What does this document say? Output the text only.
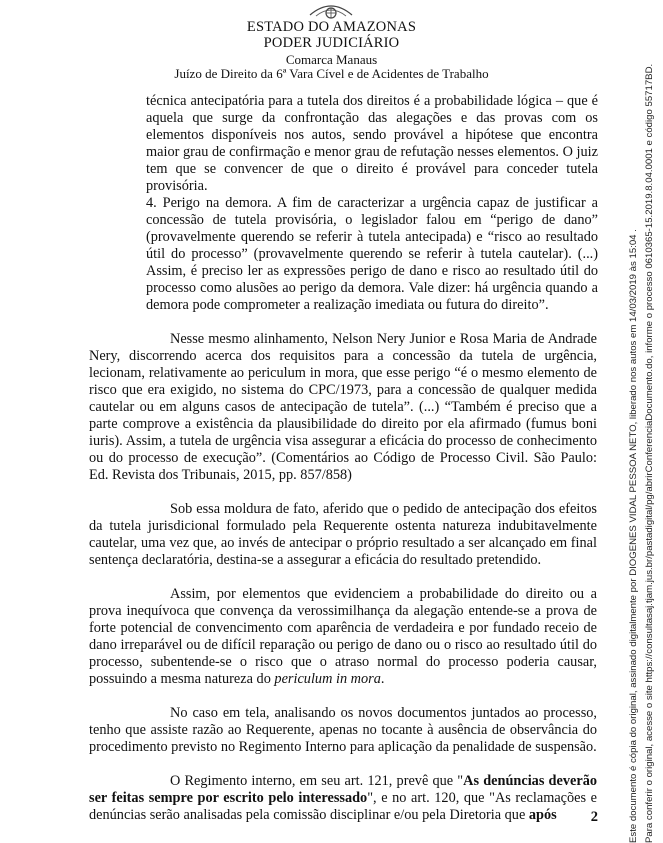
ESTADO DO AMAZONAS
PODER JUDICIÁRIO
Comarca Manaus
Juízo de Direito da 6ª Vara Cível e de Acidentes de Trabalho

técnica antecipatória para a tutela dos direitos é a probabilidade lógica – que é aquela que surge da confrontação das alegações e das provas com os elementos disponíveis nos autos, sendo provável a hipótese que encontra maior grau de confirmação e menor grau de refutação nesses elementos. O juiz tem que se convencer de que o direito é provável para conceder tutela provisória.

4. Perigo na demora. A fim de caracterizar a urgência capaz de justificar a concessão de tutela provisória, o legislador falou em “perigo de dano” (provavelmente querendo se referir à tutela antecipada) e “risco ao resultado útil do processo” (provavelmente querendo se referir à tutela cautelar). (...) Assim, é preciso ler as expressões perigo de dano e risco ao resultado útil do processo como alusões ao perigo da demora. Vale dizer: há urgência quando a demora pode comprometer a realização imediata ou futura do direito”.

Nesse mesmo alinhamento, Nelson Nery Junior e Rosa Maria de Andrade Nery, discorrendo acerca dos requisitos para a concessão da tutela de urgência, lecionam, relativamente ao periculum in mora, que esse perigo “é o mesmo elemento de risco que era exigido, no sistema do CPC/1973, para a concessão de qualquer medida cautelar ou em alguns casos de antecipação de tutela”. (...) “Também é preciso que a parte comprove a existência da plausibilidade do direito por ela afirmado (fumus boni iuris). Assim, a tutela de urgência visa assegurar a eficácia do processo de conhecimento ou do processo de execução”. (Comentários ao Código de Processo Civil. São Paulo: Ed. Revista dos Tribunais, 2015, pp. 857/858)

Sob essa moldura de fato, aferido que o pedido de antecipação dos efeitos da tutela jurisdicional formulado pela Requerente ostenta natureza indubitavelmente cautelar, uma vez que, ao invés de antecipar o próprio resultado a ser alcançado em final sentença declaratória, destina-se a assegurar a eficácia do resultado pretendido.

Assim, por elementos que evidenciem a probabilidade do direito ou a prova inequívoca que convença da verossimilhança da alegação entende-se a prova de forte potencial de convencimento com aparência de verdadeira e por fundado receio de dano irreparável ou de difícil reparação ou perigo de dano ou o risco ao resultado útil do processo, subentende-se o risco que o atraso normal do processo poderia causar, possuindo a mesma natureza do periculum in mora.

No caso em tela, analisando os novos documentos juntados ao processo, tenho que assiste razão ao Requerente, apenas no tocante à ausência de observância do procedimento previsto no Regimento Interno para aplicação da penalidade de suspensão.

O Regimento interno, em seu art. 121, prevê que "As denúncias deverão ser feitas sempre por escrito pelo interessado", e no art. 120, que "As reclamações e denúncias serão analisadas pela comissão disciplinar e/ou pela Diretoria que após	2	Este documento é cópia do original, assinado digitalmente por DIOGENES VIDAL PESSOA NETO, liberado nos autos em 14/03/2019 às 15:04 . Para conferir o original, acesse o site https://consultasaj.tjam.jus.br/pastadigital/pg/abrirConferenciaDocumento.do, informe o processo 0610365-15.2019.8.04.0001 e código 55717BD.
